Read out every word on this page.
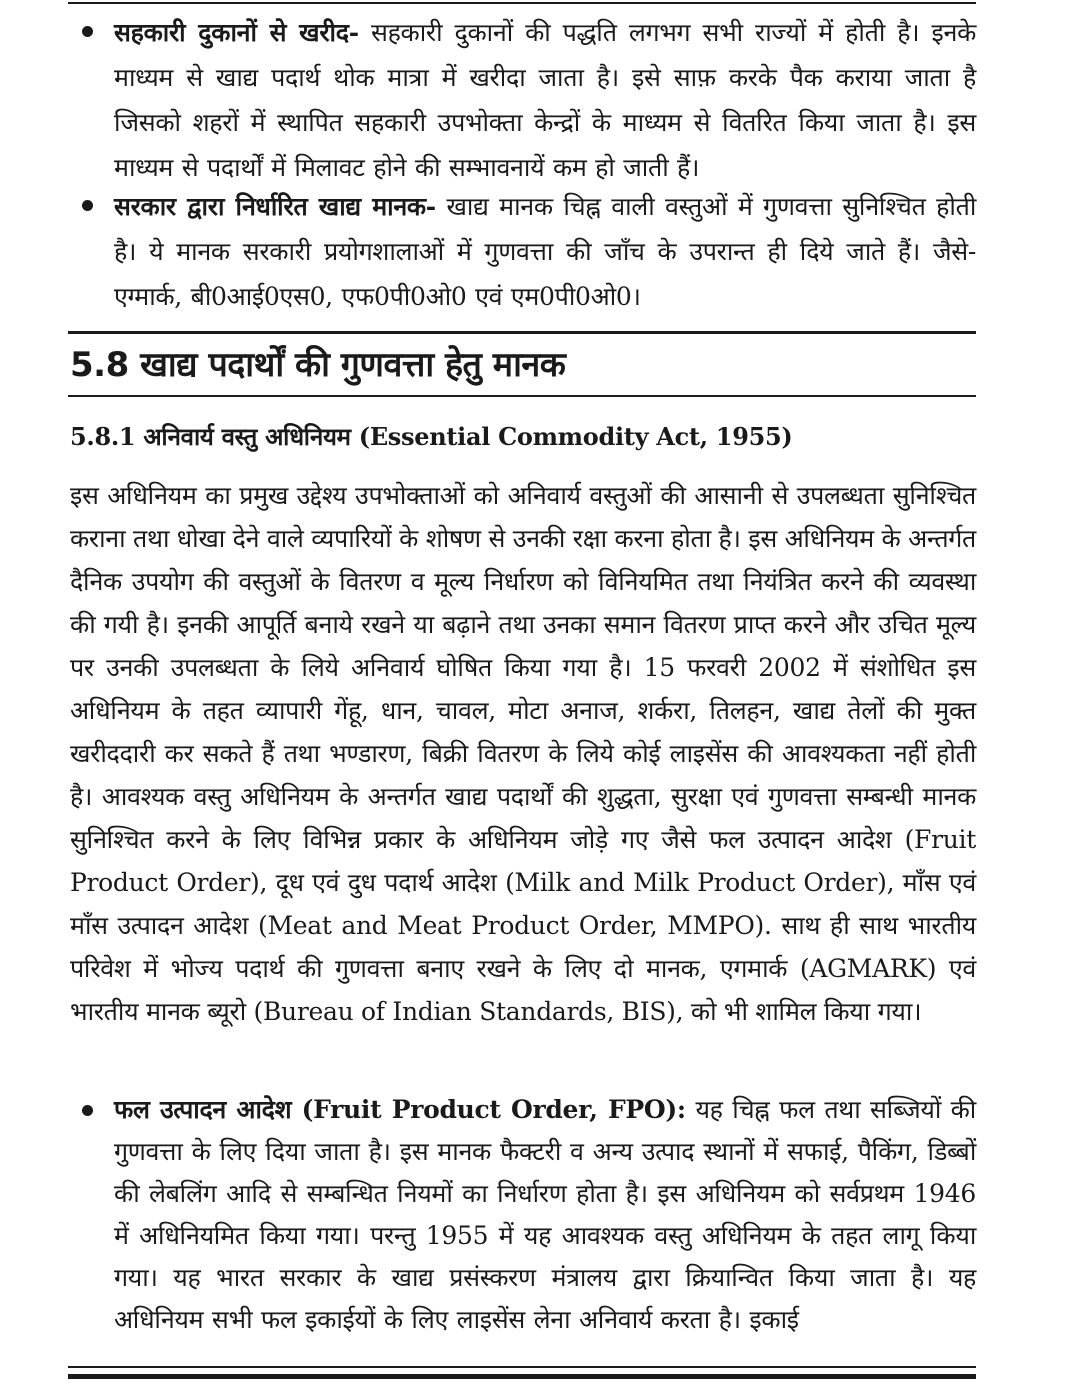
सहकारी दुकानों से खरीद- सहकारी दुकानों की पद्धति लगभग सभी राज्यों में होती है। इनके माध्यम से खाद्य पदार्थ थोक मात्रा में खरीदा जाता है। इसे साफ़ करके पैक कराया जाता है जिसको शहरों में स्थापित सहकारी उपभोक्ता केन्द्रों के माध्यम से वितरित किया जाता है। इस माध्यम से पदार्थों में मिलावट होने की सम्भावनायें कम हो जाती हैं।
सरकार द्वारा निर्धारित खाद्य मानक- खाद्य मानक चिह्न वाली वस्तुओं में गुणवत्ता सुनिश्चित होती है। ये मानक सरकारी प्रयोगशालाओं में गुणवत्ता की जाँच के उपरान्त ही दिये जाते हैं। जैसे- एग्मार्क, बी0आई0एस0, एफ0पी0ओ0 एवं एम0पी0ओ0।
5.8 खाद्य पदार्थों की गुणवत्ता हेतु मानक
5.8.1 अनिवार्य वस्तु अधिनियम (Essential Commodity Act, 1955)

इस अधिनियम का प्रमुख उद्देश्य उपभोक्ताओं को अनिवार्य वस्तुओं की आसानी से उपलब्धता सुनिश्चित कराना तथा धोखा देने वाले व्यपारियों के शोषण से उनकी रक्षा करना होता है। इस अधिनियम के अन्तर्गत दैनिक उपयोग की वस्तुओं के वितरण व मूल्य निर्धारण को विनियमित तथा नियंत्रित करने की व्यवस्था की गयी है। इनकी आपूर्ति बनाये रखने या बढ़ाने तथा उनका समान वितरण प्राप्त करने और उचित मूल्य पर उनकी उपलब्धता के लिये अनिवार्य घोषित किया गया है। 15 फरवरी 2002 में संशोधित इस अधिनियम के तहत व्यापारी गेंहू, धान, चावल, मोटा अनाज, शर्करा, तिलहन, खाद्य तेलों की मुक्त खरीददारी कर सकते हैं तथा भण्डारण, बिक्री वितरण के लिये कोई लाइसेंस की आवश्यकता नहीं होती है। आवश्यक वस्तु अधिनियम के अन्तर्गत खाद्य पदार्थों की शुद्धता, सुरक्षा एवं गुणवत्ता सम्बन्धी मानक सुनिश्चित करने के लिए विभिन्न प्रकार के अधिनियम जोड़े गए जैसे फल उत्पादन आदेश (Fruit Product Order), दूध एवं दुध पदार्थ आदेश (Milk and Milk Product Order), माँस एवं माँस उत्पादन आदेश (Meat and Meat Product Order, MMPO). साथ ही साथ भारतीय परिवेश में भोज्य पदार्थ की गुणवत्ता बनाए रखने के लिए दो मानक, एगमार्क (AGMARK) एवं भारतीय मानक ब्यूरो (Bureau of Indian Standards, BIS), को भी शामिल किया गया।

फल उत्पादन आदेश (Fruit Product Order, FPO): यह चिह्न फल तथा सब्जियों की गुणवत्ता के लिए दिया जाता है। इस मानक फैक्टरी व अन्य उत्पाद स्थानों में सफाई, पैकिंग, डिब्बों की लेबलिंग आदि से सम्बन्धित नियमों का निर्धारण होता है। इस अधिनियम को सर्वप्रथम 1946 में अधिनियमित किया गया। परन्तु 1955 में यह आवश्यक वस्तु अधिनियम के तहत लागू किया गया। यह भारत सरकार के खाद्य प्रसंस्करण मंत्रालय द्वारा क्रियान्वित किया जाता है। यह अधिनियम सभी फल इकाईयों के लिए लाइसेंस लेना अनिवार्य करता है। इकाई
